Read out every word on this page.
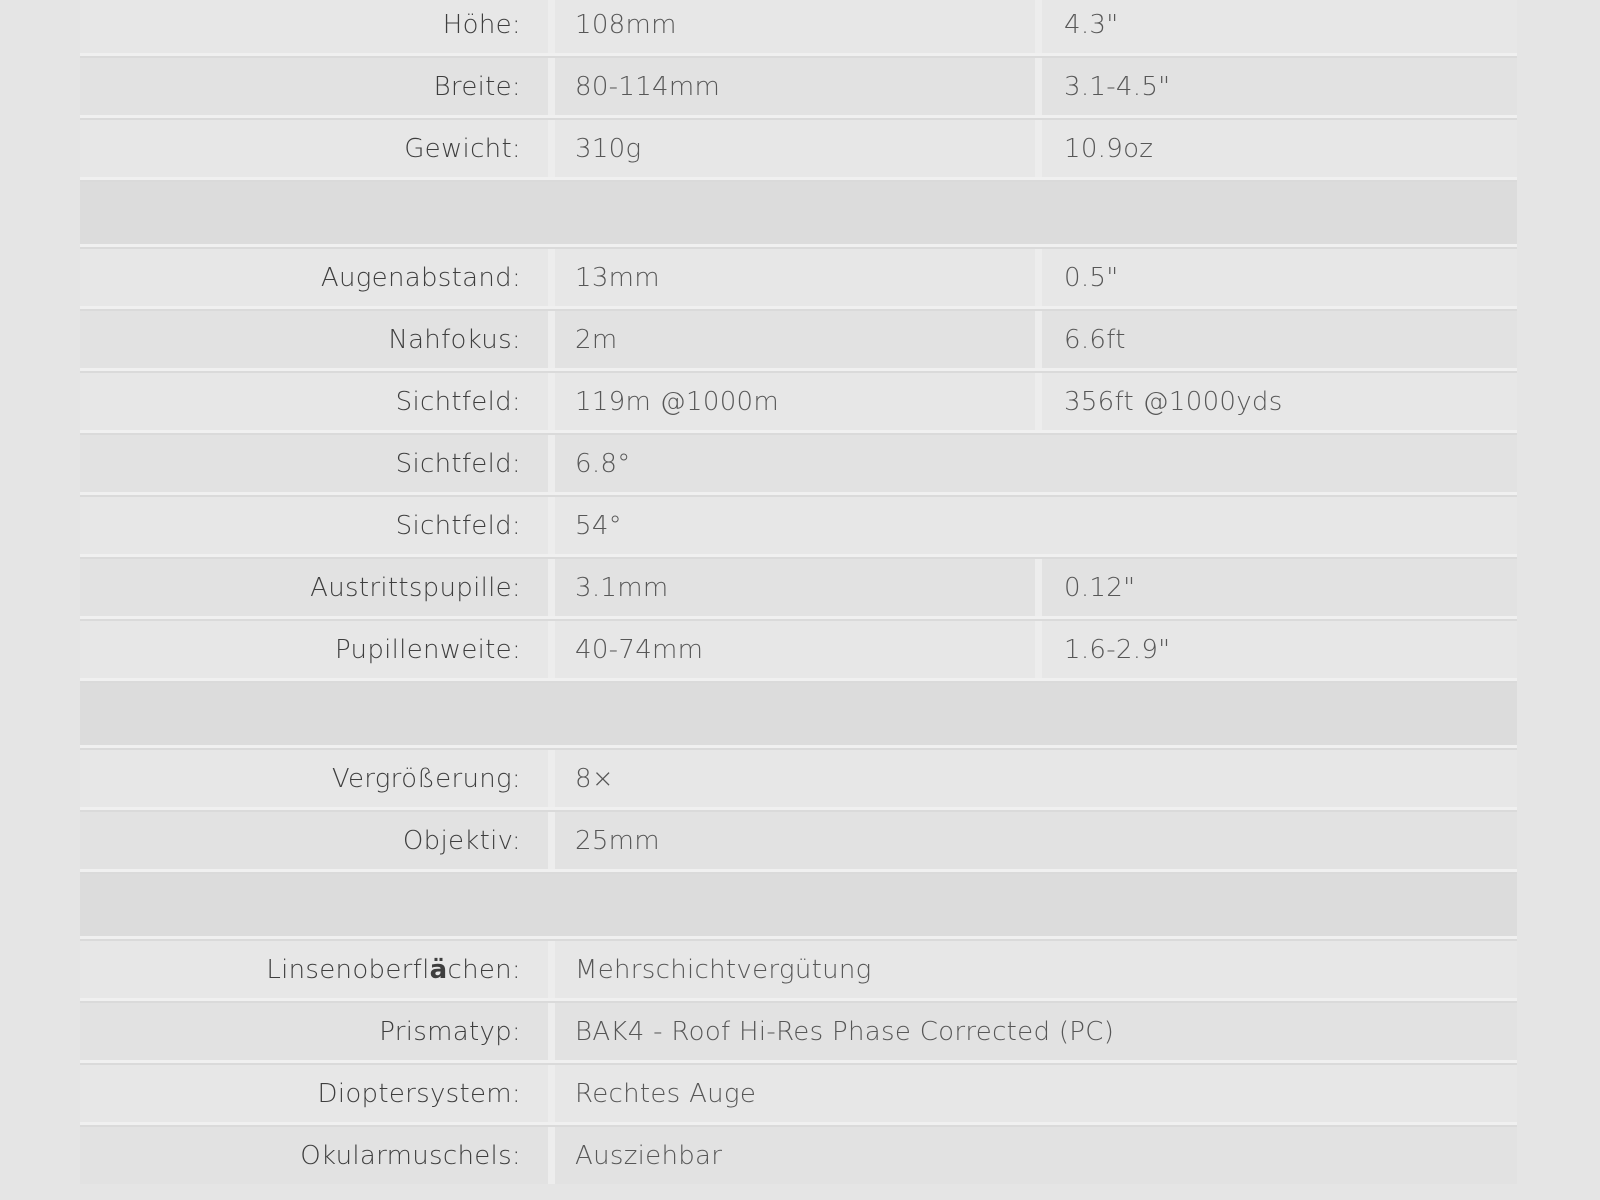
Höhe:	108mm	4.3"
Breite:	80-114mm	3.1-4.5"
Gewicht:	310g	10.9oz
Augenabstand:	13mm	0.5"
Nahfokus:	2m	6.6ft
Sichtfeld:	119m @1000m	356ft @1000yds
Sichtfeld:	6.8°
Sichtfeld:	54°
Austrittspupille:	3.1mm	0.12"
Pupillenweite:	40-74mm	1.6-2.9"
Vergrößerung:	8×
Objektiv:	25mm
Linsenoberfl ä chen:	Mehrschichtvergütung
Prismatyp:	BAK4 - Roof Hi-Res Phase Corrected (PC)
Dioptersystem:	Rechtes Auge
Okularmuschels:	Ausziehbar
